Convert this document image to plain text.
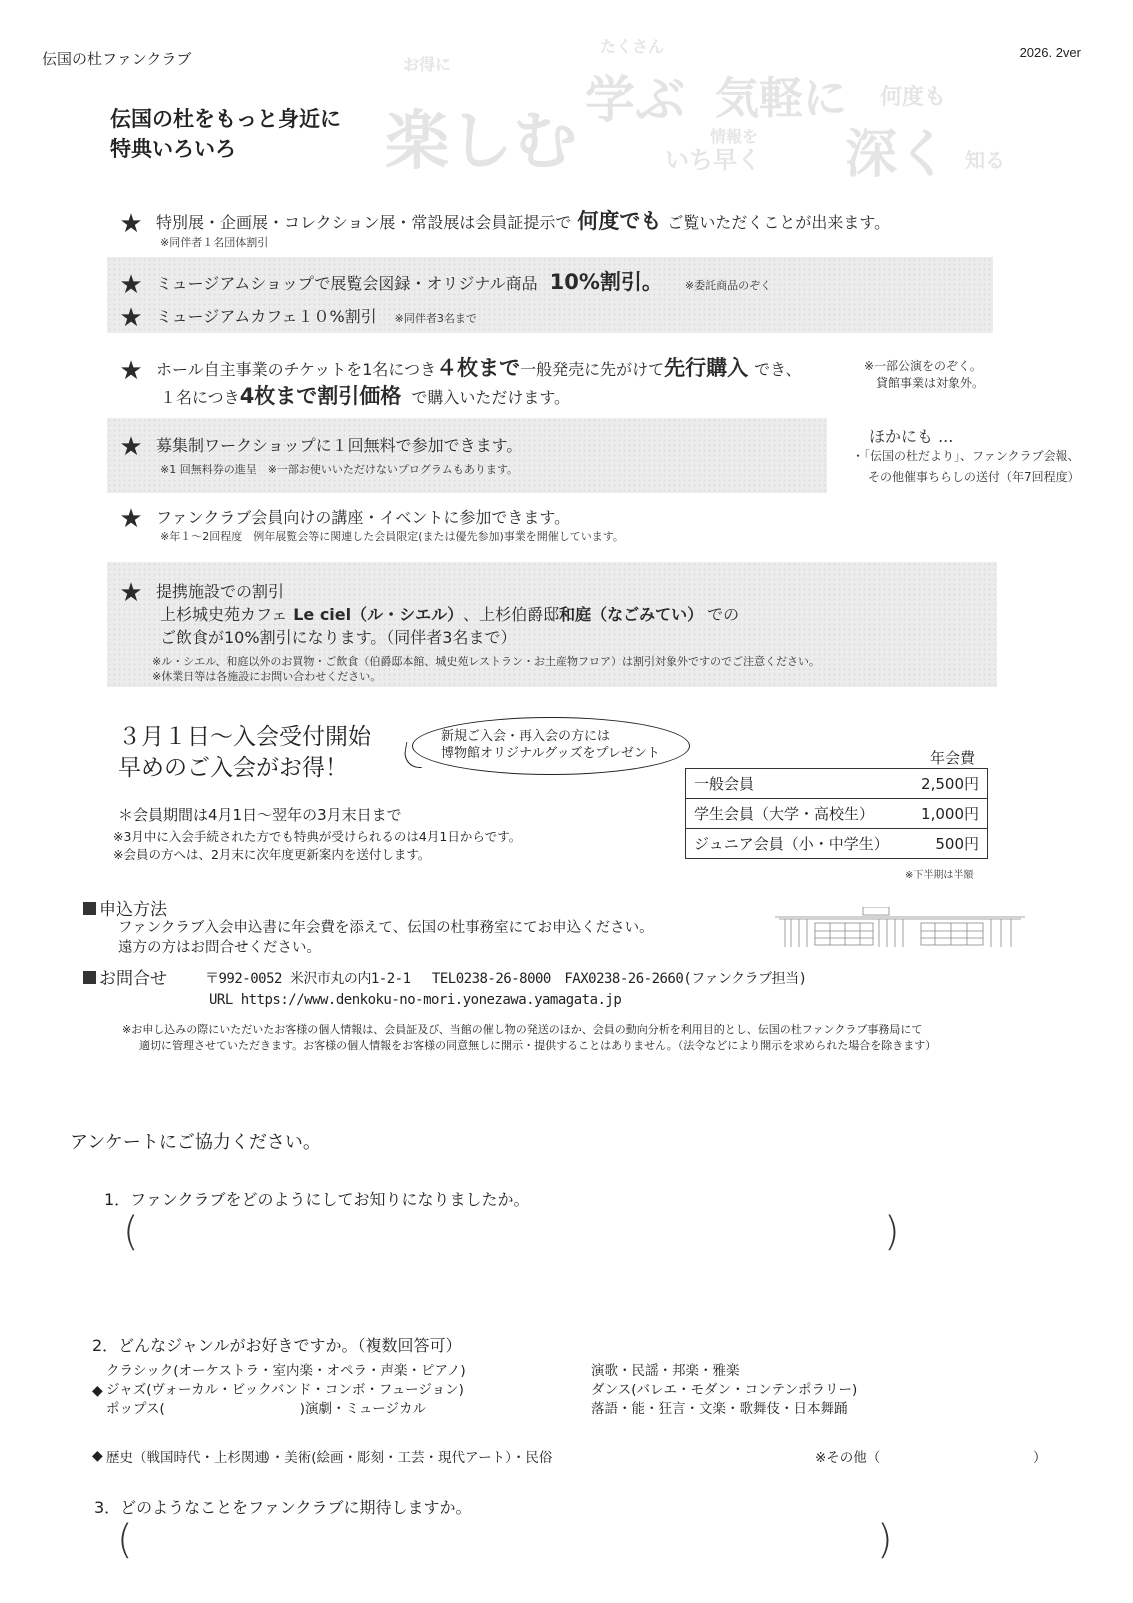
伝国の杜ファンクラブ	2026. 2ver
お得に
楽しむ
たくさん
学ぶ 気軽に 何度も
情報を
いち早く 深く 知る
伝国の杜をもっと身近に
特典いろいろ
★ 特別展・企画展・コレクション展・常設展は会員証提示で 何度でも ご覧いただくことが出来ます。
※同伴者１名団体割引
★ ミュージアムショップで展覧会図録・オリジナル商品 10%割引。 ※委託商品のぞく
★ ミュージアムカフェ１０%割引 ※同伴者3名まで
★ ホール自主事業のチケットを1名につき ４枚まで 一般発売に先がけて 先行購入 でき、
１名につき 4枚まで割引価格 で購入いただけます。
※一部公演をのぞく。
貸館事業は対象外。
★ 募集制ワークショップに１回無料で参加できます。
※1 回無料券の進呈　※一部お使いいただけないプログラムもあります。
ほかにも ...
・「伝国の杜だより」、ファンクラブ会報、
その他催事ちらしの送付（年7回程度）
★ ファンクラブ会員向けの講座・イベントに参加できます。
※年１～2回程度　例年展覧会等に関連した会員限定(または優先参加)事業を開催しています。
★ 提携施設での割引
上杉城史苑カフェ Le ciel（ル・シエル） 、上杉伯爵邸 和庭（なごみてい） での
ご飲食が10%割引になります。（同伴者3名まで）
※ル・シエル、和庭以外のお買物・ご飲食（伯爵邸本館、城史苑レストラン・お土産物フロア）は割引対象外ですのでご注意ください。
※休業日等は各施設にお問い合わせください。
３月１日～入会受付開始
早めのご入会がお得！
新規ご入会・再入会の方には
博物館オリジナルグッズをプレゼント
＊会員期間は4月1日～翌年の3月末日まで
※3月中に入会手続された方でも特典が受けられるのは4月1日からです。
※会員の方へは、2月末に次年度更新案内を送付します。
年会費
一般会員	2,500円
学生会員（大学・高校生）	1,000円
ジュニア会員（小・中学生）	500円
※下半期は半額
申込方法
ファンクラブ入会申込書に年会費を添えて、伝国の杜事務室にてお申込ください。
遠方の方はお問合せください。
お問合せ	〒992-0052 米沢市丸の内1-2-1　 TEL0238-26-8000　FAX0238-26-2660(ファンクラブ担当)
URL https://www.denkoku-no-mori.yonezawa.yamagata.jp
※お申し込みの際にいただいたお客様の個人情報は、会員証及び、当館の催し物の発送のほか、会員の動向分析を利用目的とし、伝国の杜ファンクラブ事務局にて
適切に管理させていただきます。お客様の個人情報をお客様の同意無しに開示・提供することはありません。（法令などにより開示を求められた場合を除きます）
アンケートにご協力ください。
1．ファンクラブをどのようにしてお知りになりましたか。
(	)
2．どんなジャンルがお好きですか。（複数回答可）
◆
クラシック(オーケストラ・室内楽・オペラ・声楽・ピアノ)
ジャズ(ヴォーカル・ビックバンド・コンボ・フュージョン)
ポップス(　　　　　　　　　　)演劇・ミュージカル
演歌・民謡・邦楽・雅楽
ダンス(バレエ・モダン・コンテンポラリー)
落語・能・狂言・文楽・歌舞伎・日本舞踊
◆ 歴史（戦国時代・上杉関連
）・美術(絵画・彫刻・工芸・現代アート）・民俗	※その他（	）
3．どのようなことをファンクラブに期待しますか。
(	)
